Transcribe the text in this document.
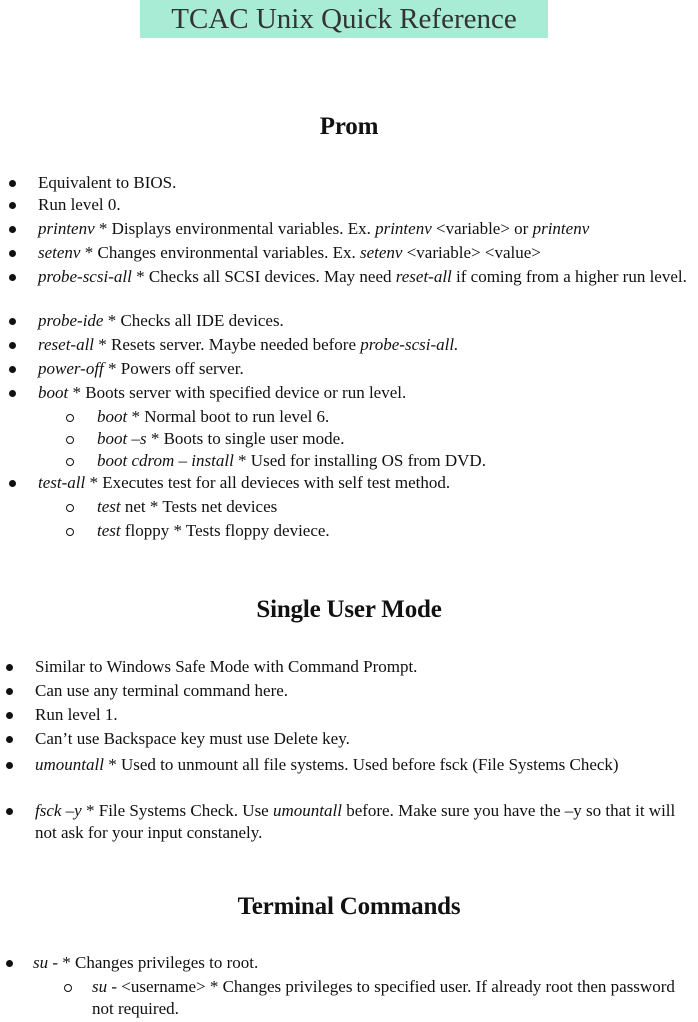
TCAC Unix Quick Reference
Prom
Equivalent to BIOS.
Run level 0.
printenv * Displays environmental variables. Ex. printenv <variable> or printenv
setenv * Changes environmental variables. Ex. setenv <variable> <value>
probe-scsi-all * Checks all SCSI devices. May need reset-all if coming from a higher run level.
probe-ide * Checks all IDE devices.
reset-all * Resets server. Maybe needed before probe-scsi-all.
power-off * Powers off server.
boot * Boots server with specified device or run level.
boot * Normal boot to run level 6.
boot –s * Boots to single user mode.
boot cdrom – install * Used for installing OS from DVD.
test-all * Executes test for all devieces with self test method.
test net * Tests net devices
test floppy * Tests floppy deviece.
Single User Mode
Similar to Windows Safe Mode with Command Prompt.
Can use any terminal command here.
Run level 1.
Can’t use Backspace key must use Delete key.
umountall * Used to unmount all file systems. Used before fsck (File Systems Check)
fsck –y * File Systems Check. Use umountall before. Make sure you have the –y so that it will not ask for your input constanely.
Terminal Commands
su - * Changes privileges to root.
su - <username> * Changes privileges to specified user. If already root then password not required.
